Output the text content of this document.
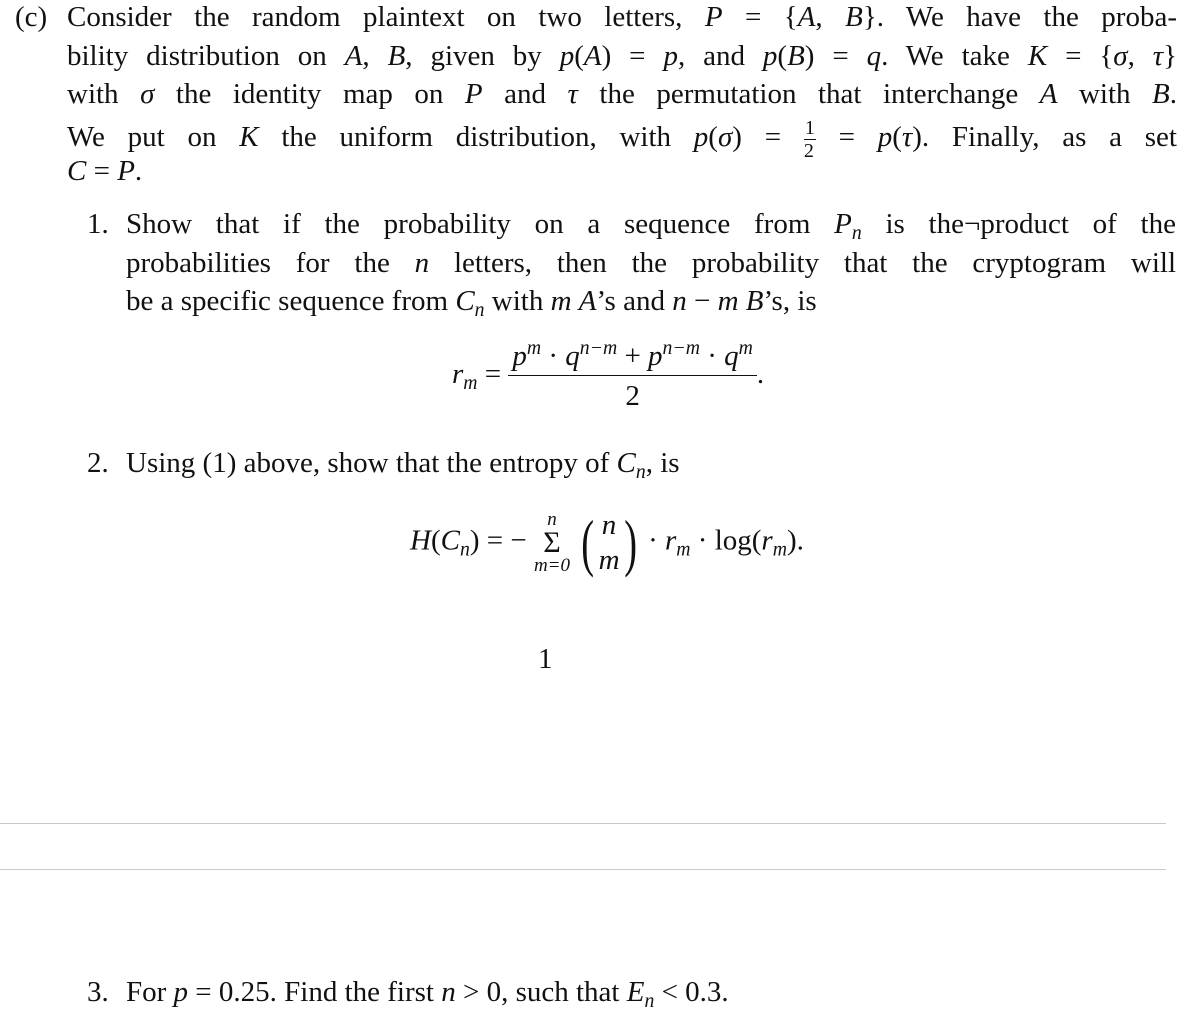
(c) Consider the random plaintext on two letters, P = {A, B}. We have the proba-
bility distribution on A, B, given by p(A) = p, and p(B) = q. We take K = {σ, τ}
with σ the identity map on P and τ the permutation that interchange A with B.
We put on K the uniform distribution, with $p(\sigma) = \frac{1}{2} = p(\tau)$. Finally, as a set
C = P.
1. Show that if the probability on a sequence from $P_n$ is the¬product of the
probabilities for the n letters, then the probability that the cryptogram will
be a specific sequence from $C_n$ with m A’s and n − m B’s, is
$r_m = \frac{p^m \cdot q^{n-m} + p^{n-m} \cdot q^m}{2}$ .
2. Using (1) above, show that the entropy of $C_n$, is
$H(C_n)$ = −
n
Σ
m=0 ( n
m ) · $r_m \cdot \log(r_m)$.
1
3. For p = 0.25. Find the first n > 0, such that $E_n < 0.3$.
